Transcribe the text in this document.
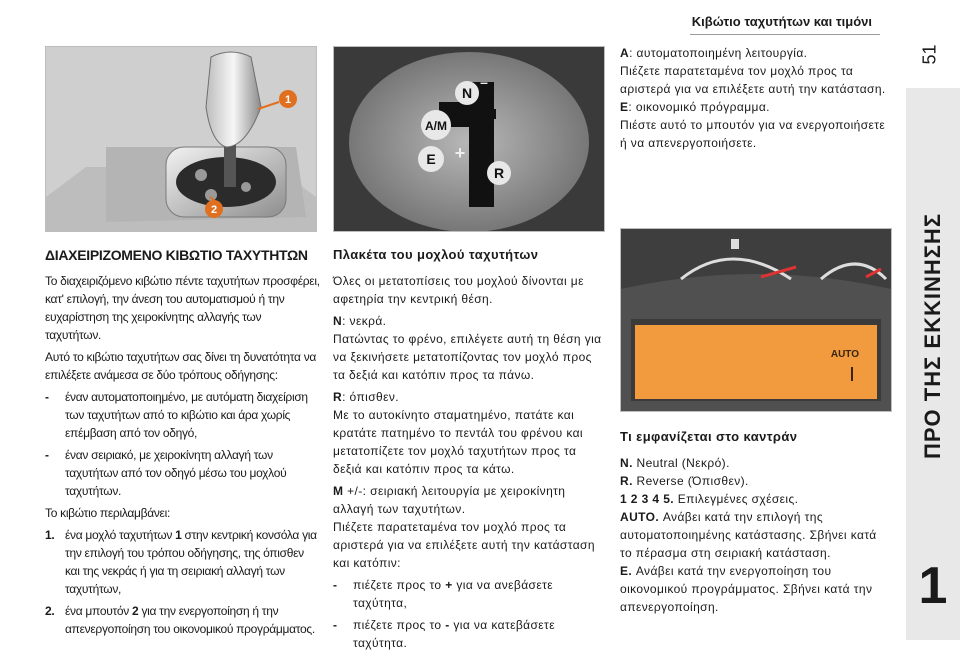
Κιβώτιο ταχυτήτων και τιμόνι
51
ΠΡΟ ΤΗΣ ΕΚΚΙΝΗΣΗΣ
1
1
2
N
R
A/M
E +
–
AUTO
ΔΙΑΧΕΙΡΙΖΟΜΕΝΟ ΚΙΒΩΤΙΟ ΤΑΧΥΤΗΤΩΝ

Το διαχειριζόμενο κιβώτιο πέντε ταχυτήτων προσφέρει, κατ' επιλογή, την άνεση του αυτοματισμού ή την ευχαρίστηση της χειροκίνητης αλλαγής των ταχυτήτων.

Αυτό το κιβώτιο ταχυτήτων σας δίνει τη δυνατότητα να επιλέξετε ανάμεσα σε δύο τρόπους οδήγησης:

- έναν αυτοματοποιημένο, με αυτόματη διαχείριση των ταχυτήτων από το κιβώτιο και άρα χωρίς επέμβαση από τον οδηγό,
- έναν σειριακό, με χειροκίνητη αλλαγή των ταχυτήτων από τον οδηγό μέσω του μοχλού ταχυτήτων.

Το κιβώτιο περιλαμβάνει:

1. ένα μοχλό ταχυτήτων 1 στην κεντρική κονσόλα για την επιλογή του τρόπου οδήγησης, της όπισθεν και της νεκράς ή για τη σειριακή αλλαγή των ταχυτήτων,
2. ένα μπουτόν 2 για την ενεργοποίηση ή την απενεργοποίηση του οικονομικού προγράμματος.
Πλακέτα του μοχλού ταχυτήτων

Όλες οι μετατοπίσεις του μοχλού δίνονται με αφετηρία την κεντρική θέση.

N: νεκρά.

Πατώντας το φρένο, επιλέγετε αυτή τη θέση για να ξεκινήσετε μετατοπίζοντας τον μοχλό προς τα δεξιά και κατόπιν προς τα πάνω.

R: όπισθεν.

Με το αυτοκίνητο σταματημένο, πατάτε και κρατάτε πατημένο το πεντάλ του φρένου και μετατοπίζετε τον μοχλό ταχυτήτων προς τα δεξιά και κατόπιν προς τα κάτω.

M +/-: σειριακή λειτουργία με χειροκίνητη αλλαγή των ταχυτήτων.

Πιέζετε παρατεταμένα τον μοχλό προς τα αριστερά για να επιλέξετε αυτή την κατάσταση και κατόπιν:

- πιέζετε προς το + για να ανεβάσετε ταχύτητα,
- πιέζετε προς το - για να κατεβάσετε ταχύτητα.

A: αυτοματοποιημένη λειτουργία.

Πιέζετε παρατεταμένα τον μοχλό προς τα αριστερά για να επιλέξετε αυτή την κατάσταση.

E: οικονομικό πρόγραμμα.

Πιέστε αυτό το μπουτόν για να ενεργοποιήσετε ή να απενεργοποιήσετε.

Τι εμφανίζεται στο καντράν

N. Neutral (Νεκρό).

R. Reverse (Όπισθεν).

1 2 3 4 5. Επιλεγμένες σχέσεις.

AUTO. Ανάβει κατά την επιλογή της αυτοματοποιημένης κατάστασης. Σβήνει κατά το πέρασμα στη σειριακή κατάσταση.

E. Ανάβει κατά την ενεργοποίηση του οικονομικού προγράμματος. Σβήνει κατά την απενεργοποίηση.
